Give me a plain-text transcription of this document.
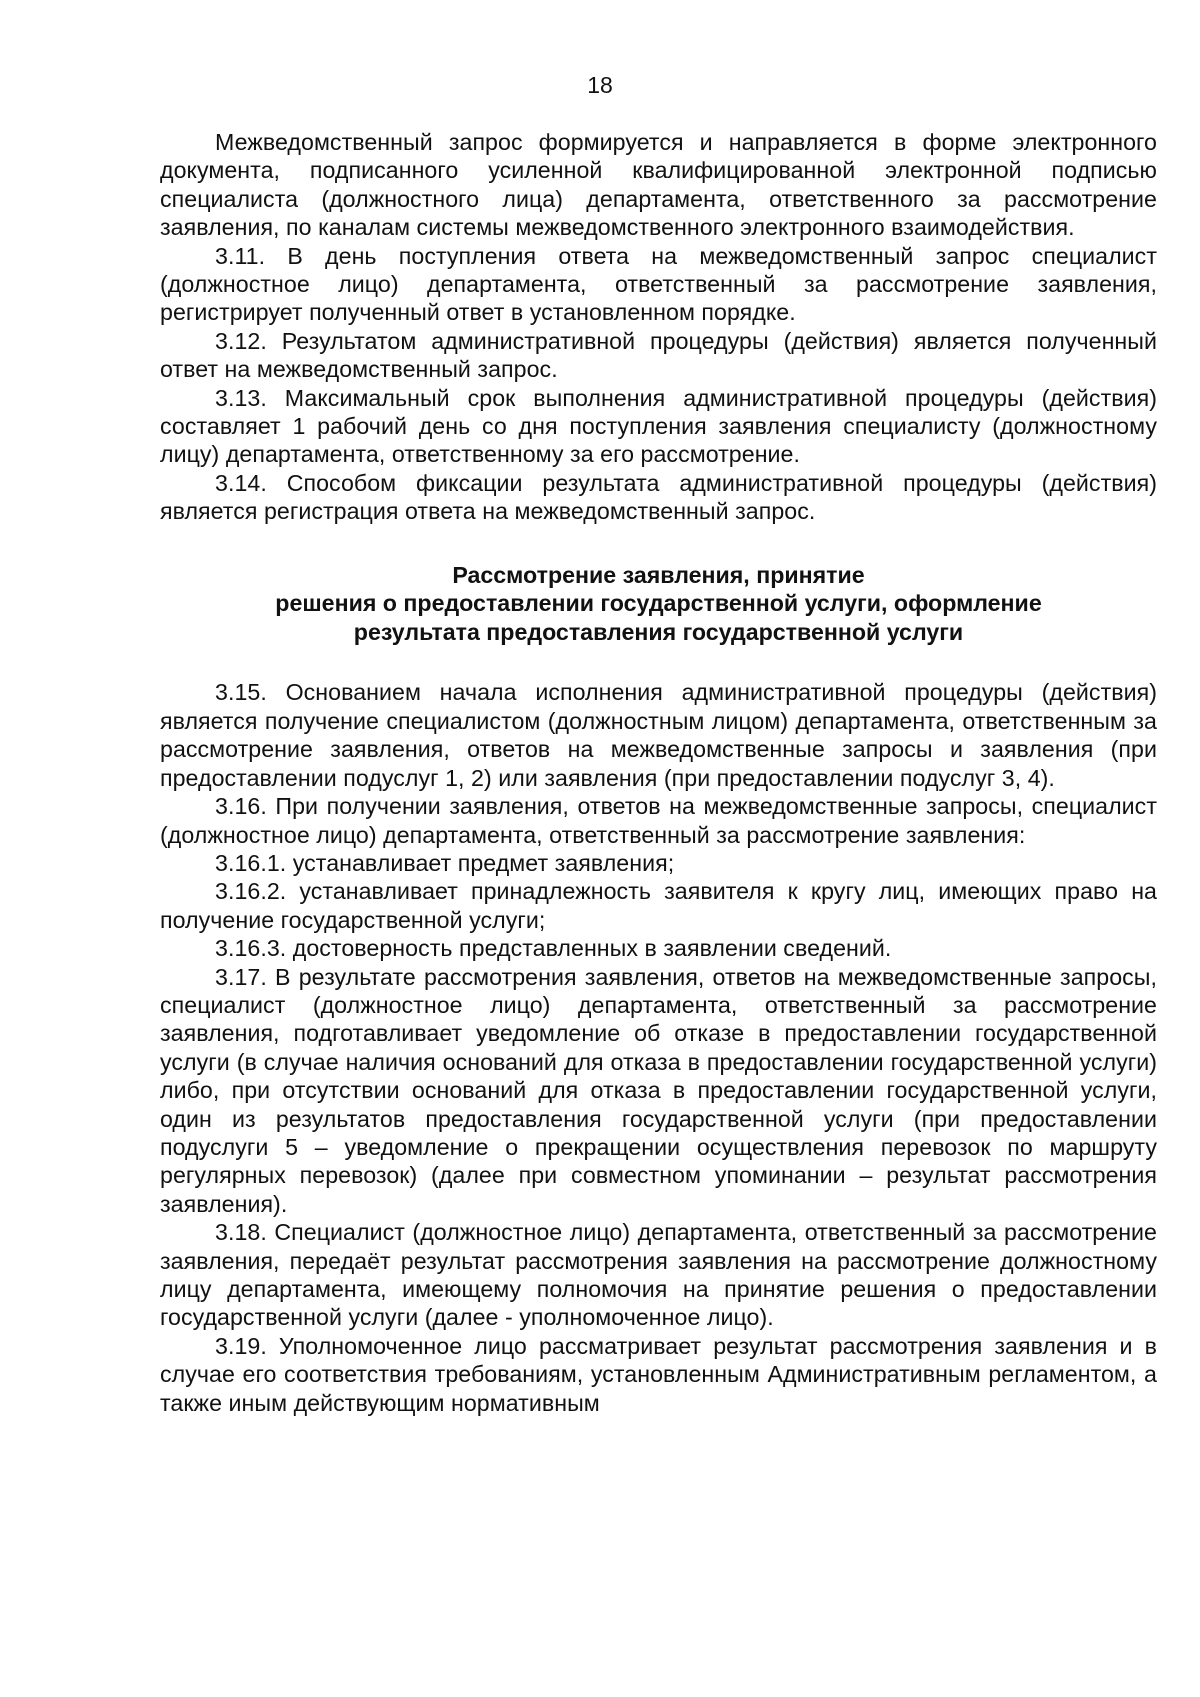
18

Межведомственный запрос формируется и направляется в форме электронного документа, подписанного усиленной квалифицированной электронной подписью специалиста (должностного лица) департамента, ответственного за рассмотрение заявления, по каналам системы межведомственного электронного взаимодействия.

3.11. В день поступления ответа на межведомственный запрос специалист (должностное лицо) департамента, ответственный за рассмотрение заявления, регистрирует полученный ответ в установленном порядке.

3.12. Результатом административной процедуры (действия) является полученный ответ на межведомственный запрос.

3.13. Максимальный срок выполнения административной процедуры (действия) составляет 1 рабочий день со дня поступления заявления специалисту (должностному лицу) департамента, ответственному за его рассмотрение.

3.14. Способом фиксации результата административной процедуры (действия) является регистрация ответа на межведомственный запрос.

Рассмотрение заявления, принятие
решения о предоставлении государственной услуги, оформление
результата предоставления государственной услуги

3.15. Основанием начала исполнения административной процедуры (действия) является получение специалистом (должностным лицом) департамента, ответственным за рассмотрение заявления, ответов на межведомственные запросы и заявления (при предоставлении подуслуг 1, 2) или заявления (при предоставлении подуслуг 3, 4).

3.16. При получении заявления, ответов на межведомственные запросы, специалист (должностное лицо) департамента, ответственный за рассмотрение заявления:

3.16.1. устанавливает предмет заявления;

3.16.2. устанавливает принадлежность заявителя к кругу лиц, имеющих право на получение государственной услуги;

3.16.3. достоверность представленных в заявлении сведений.

3.17. В результате рассмотрения заявления, ответов на межведомственные запросы, специалист (должностное лицо) департамента, ответственный за рассмотрение заявления, подготавливает уведомление об отказе в предоставлении государственной услуги (в случае наличия оснований для отказа в предоставлении государственной услуги) либо, при отсутствии оснований для отказа в предоставлении государственной услуги, один из результатов предоставления государственной услуги (при предоставлении подуслуги 5 – уведомление о прекращении осуществления перевозок по маршруту регулярных перевозок) (далее при совместном упоминании – результат рассмотрения заявления).

3.18. Специалист (должностное лицо) департамента, ответственный за рассмотрение заявления, передаёт результат рассмотрения заявления на рассмотрение должностному лицу департамента, имеющему полномочия на принятие решения о предоставлении государственной услуги (далее - уполномоченное лицо).

3.19. Уполномоченное лицо рассматривает результат рассмотрения заявления и в случае его соответствия требованиям, установленным Административным регламентом, а также иным действующим нормативным
